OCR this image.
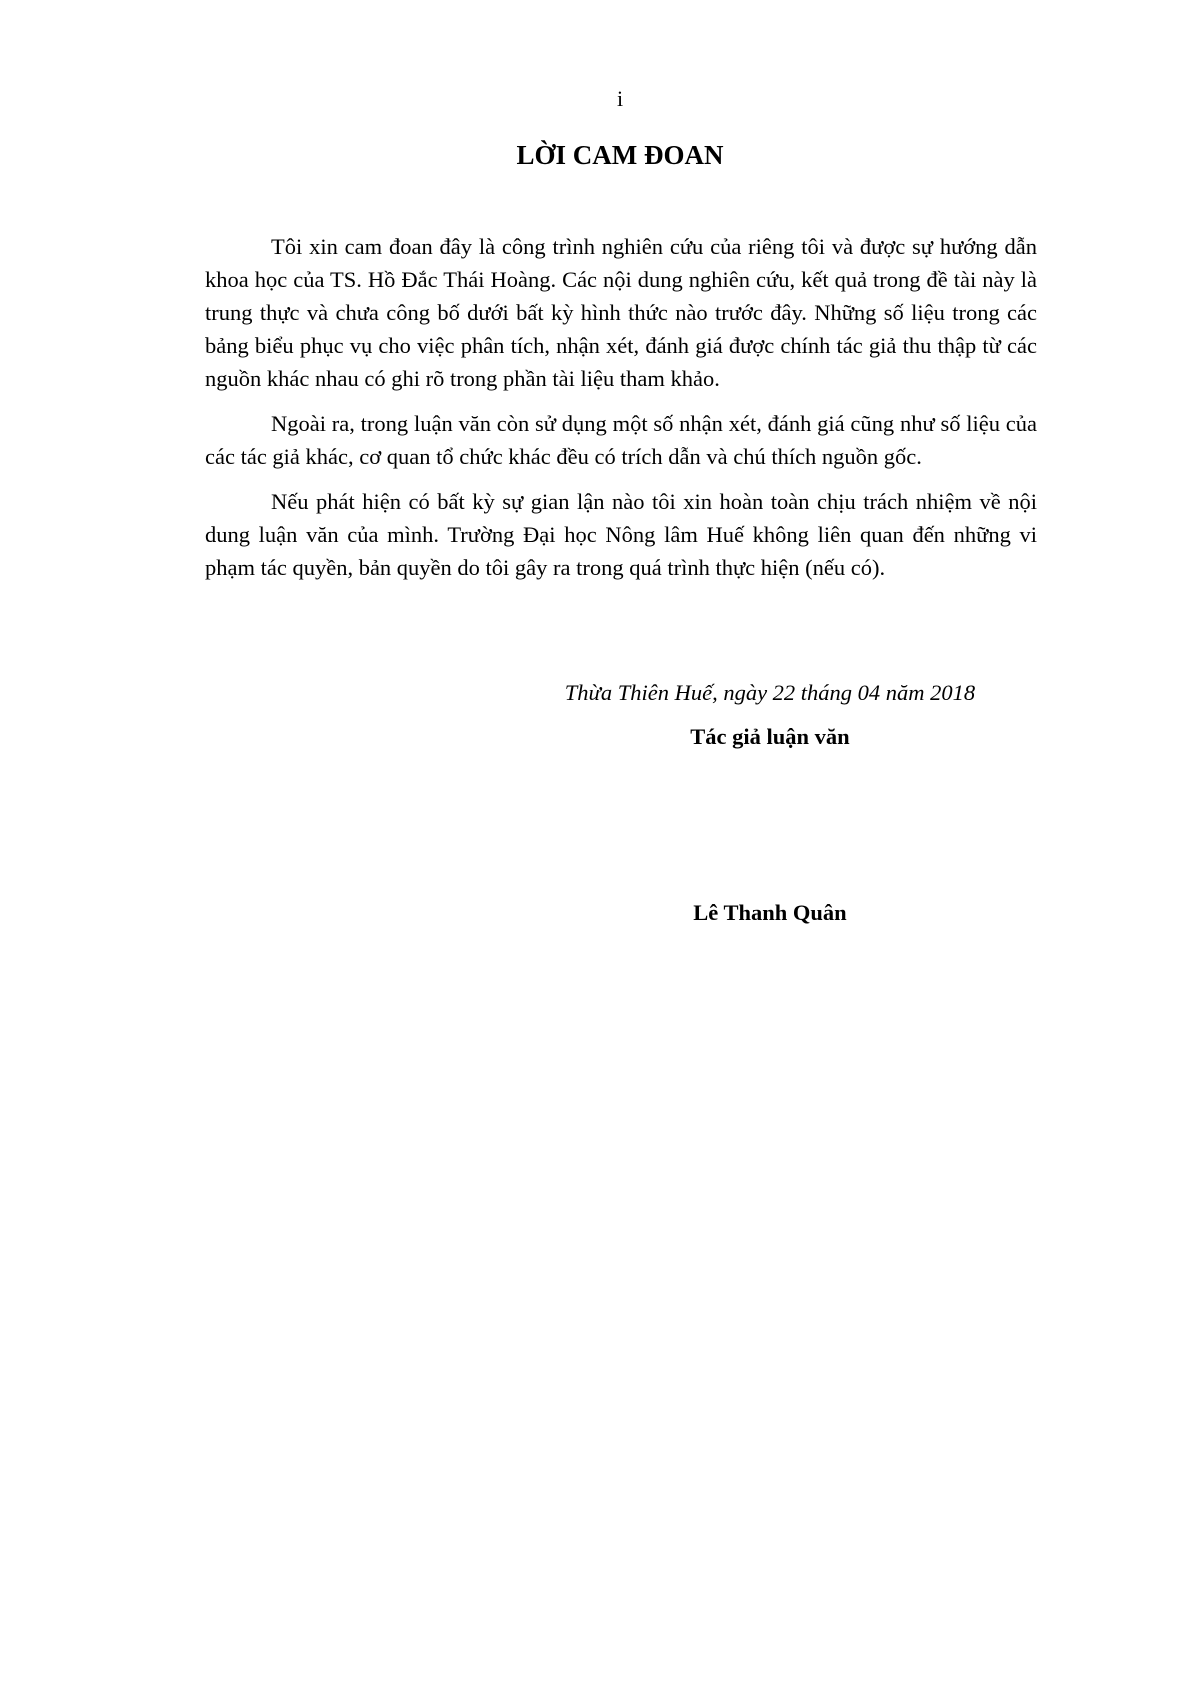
i
LỜI CAM ĐOAN

Tôi xin cam đoan đây là công trình nghiên cứu của riêng tôi và được sự hướng dẫn khoa học của TS. Hồ Đắc Thái Hoàng. Các nội dung nghiên cứu, kết quả trong đề tài này là trung thực và chưa công bố dưới bất kỳ hình thức nào trước đây. Những số liệu trong các bảng biểu phục vụ cho việc phân tích, nhận xét, đánh giá được chính tác giả thu thập từ các nguồn khác nhau có ghi rõ trong phần tài liệu tham khảo.

Ngoài ra, trong luận văn còn sử dụng một số nhận xét, đánh giá cũng như số liệu của các tác giả khác, cơ quan tổ chức khác đều có trích dẫn và chú thích nguồn gốc.

Nếu phát hiện có bất kỳ sự gian lận nào tôi xin hoàn toàn chịu trách nhiệm về nội dung luận văn của mình. Trường Đại học Nông lâm Huế không liên quan đến những vi phạm tác quyền, bản quyền do tôi gây ra trong quá trình thực hiện (nếu có).

Thừa Thiên Huế, ngày 22 tháng 04 năm 2018
Tác giả luận văn
Lê Thanh Quân
